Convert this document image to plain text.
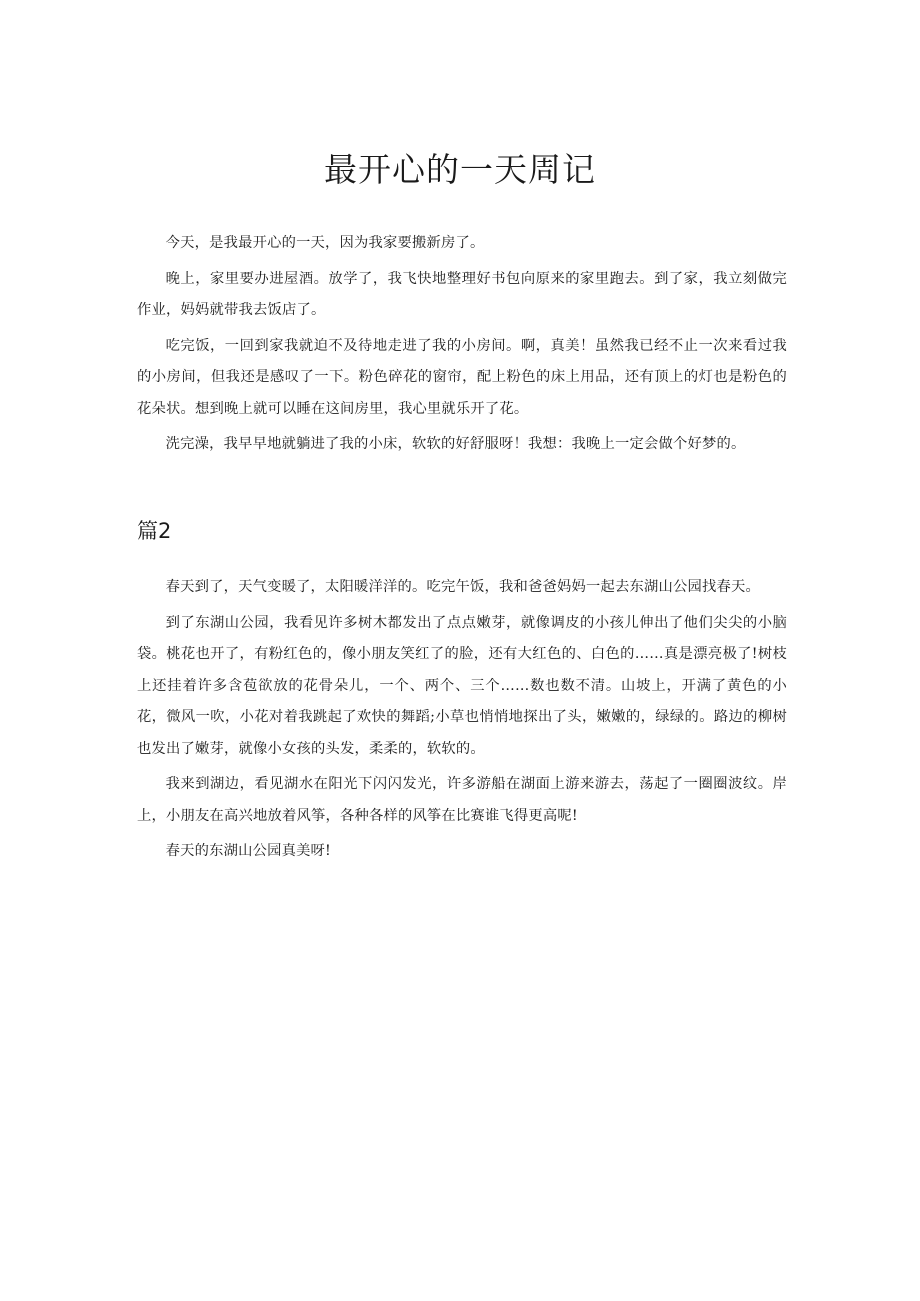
最开心的一天周记

今天，是我最开心的一天，因为我家要搬新房了。

晚上，家里要办进屋酒。放学了，我飞快地整理好书包向原来的家里跑去。到了家，我立刻做完作业，妈妈就带我去饭店了。

吃完饭，一回到家我就迫不及待地走进了我的小房间。啊，真美！虽然我已经不止一次来看过我的小房间，但我还是感叹了一下。粉色碎花的窗帘，配上粉色的床上用品，还有顶上的灯也是粉色的花朵状。想到晚上就可以睡在这间房里，我心里就乐开了花。

洗完澡，我早早地就躺进了我的小床，软软的好舒服呀！我想：我晚上一定会做个好梦的。

篇2

春天到了，天气变暖了，太阳暖洋洋的。吃完午饭，我和爸爸妈妈一起去东湖山公园找春天。

到了东湖山公园，我看见许多树木都发出了点点嫩芽，就像调皮的小孩儿伸出了他们尖尖的小脑袋。桃花也开了，有粉红色的，像小朋友笑红了的脸，还有大红色的、白色的……真是漂亮极了!树枝上还挂着许多含苞欲放的花骨朵儿，一个、两个、三个……数也数不清。山坡上，开满了黄色的小花，微风一吹，小花对着我跳起了欢快的舞蹈;小草也悄悄地探出了头，嫩嫩的，绿绿的。路边的柳树也发出了嫩芽，就像小女孩的头发，柔柔的，软软的。

我来到湖边，看见湖水在阳光下闪闪发光，许多游船在湖面上游来游去，荡起了一圈圈波纹。岸上，小朋友在高兴地放着风筝，各种各样的风筝在比赛谁飞得更高呢!

春天的东湖山公园真美呀!
